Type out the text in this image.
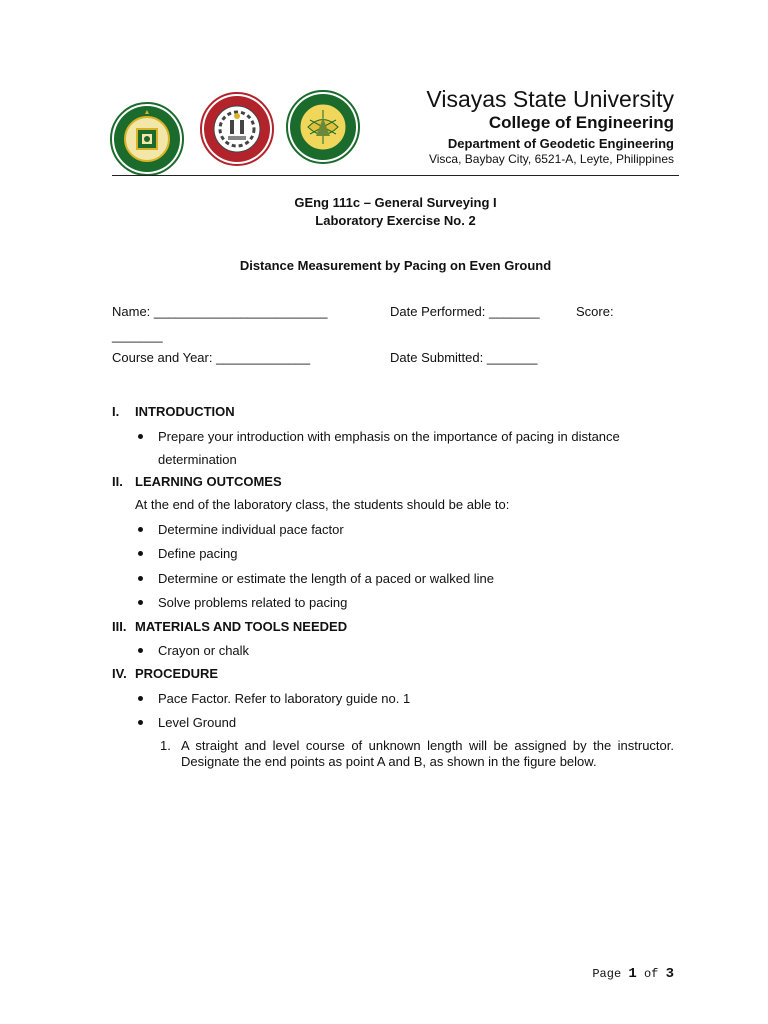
Visayas State University
College of Engineering
Department of Geodetic Engineering
Visca, Baybay City, 6521-A, Leyte, Philippines
GEng 111c – General Surveying I
Laboratory Exercise No. 2
Distance Measurement by Pacing on Even Ground
Name: ________________________	Date Performed: _______	Score:
_______
Course and Year: _____________	Date Submitted: _______
I.	INTRODUCTION
Prepare your introduction with emphasis on the importance of pacing in distance
determination
II. LEARNING OUTCOMES
At the end of the laboratory class, the students should be able to:
Determine individual pace factor
Define pacing
Determine or estimate the length of a paced or walked line
Solve problems related to pacing
III. MATERIALS AND TOOLS NEEDED
Crayon or chalk
IV. PROCEDURE
Pace Factor. Refer to laboratory guide no. 1
Level Ground
1. A straight and level course of unknown length will be assigned by the instructor. Designate the end points as point A and B, as shown in the figure below.
Page 1 of 3
